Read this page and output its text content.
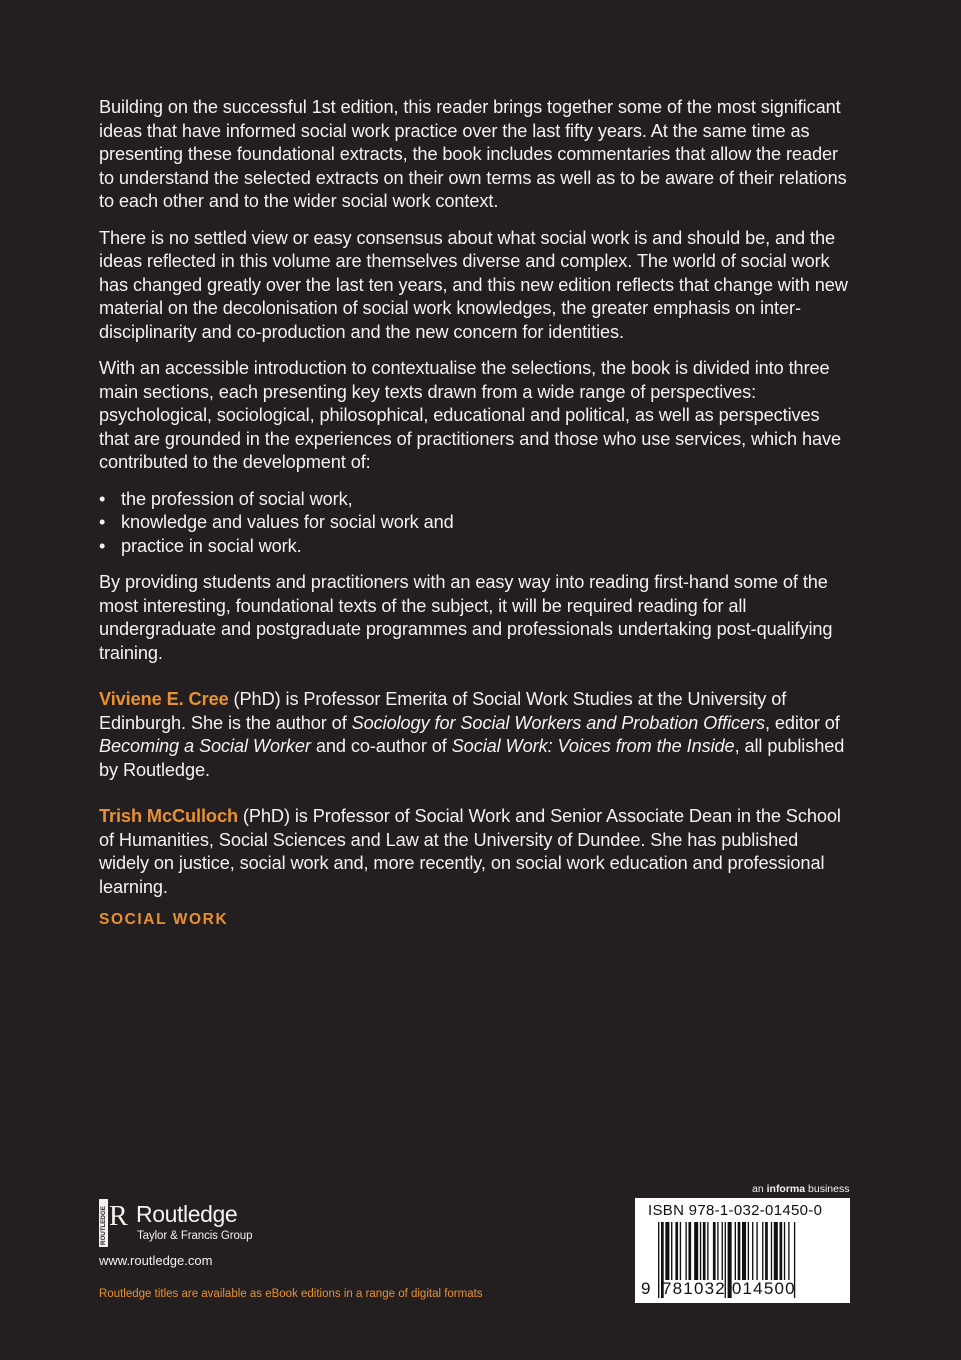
Building on the successful 1st edition, this reader brings together some of the most significant ideas that have informed social work practice over the last fifty years. At the same time as presenting these foundational extracts, the book includes commentaries that allow the reader to understand the selected extracts on their own terms as well as to be aware of their relations to each other and to the wider social work context.

There is no settled view or easy consensus about what social work is and should be, and the ideas reflected in this volume are themselves diverse and complex. The world of social work has changed greatly over the last ten years, and this new edition reflects that change with new material on the decolonisation of social work knowledges, the greater emphasis on inter-disciplinarity and co-production and the new concern for identities.

With an accessible introduction to contextualise the selections, the book is divided into three main sections, each presenting key texts drawn from a wide range of perspectives: psychological, sociological, philosophical, educational and political, as well as perspectives that are grounded in the experiences of practitioners and those who use services, which have contributed to the development of:

• the profession of social work,
• knowledge and values for social work and
• practice in social work.

By providing students and practitioners with an easy way into reading first-hand some of the most interesting, foundational texts of the subject, it will be required reading for all undergraduate and postgraduate programmes and professionals undertaking post-qualifying training.

Viviene E. Cree (PhD) is Professor Emerita of Social Work Studies at the University of Edinburgh. She is the author of Sociology for Social Workers and Probation Officers, editor of Becoming a Social Worker and co-author of Social Work: Voices from the Inside, all published by Routledge.

Trish McCulloch (PhD) is Professor of Social Work and Senior Associate Dean in the School of Humanities, Social Sciences and Law at the University of Dundee. She has published widely on justice, social work and, more recently, on social work education and professional learning.

SOCIAL WORK
ROUTLEDGE R Routledge
Taylor & Francis Group
www.routledge.com
Routledge titles are available as eBook editions in a range of digital formats
an informa business
ISBN 978-1-032-01450-0
9 781032 014500
